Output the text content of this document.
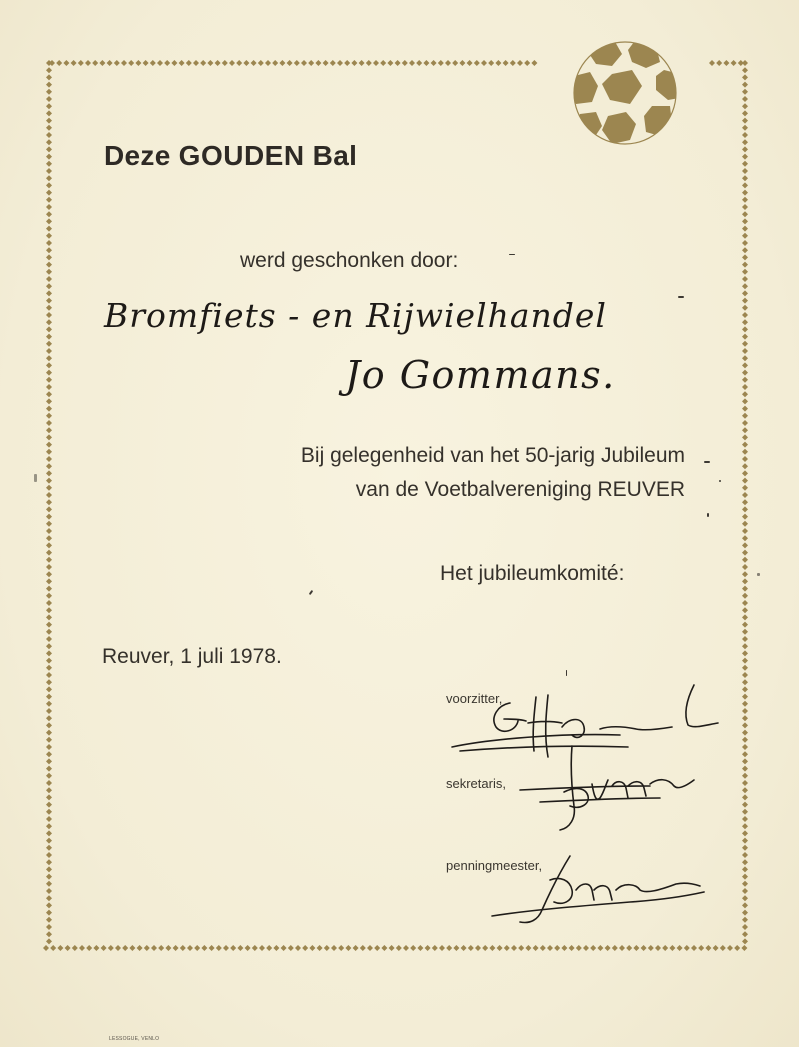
Deze GOUDEN Bal
werd geschonken door:
Bromfiets - en Rijwielhandel
Jo Gommans.
Bij gelegenheid van het 50-jarig Jubileum
van de Voetbalvereniging REUVER
Het jubileumkomité:
Reuver, 1 juli 1978.
voorzitter,
sekretaris,
penningmeester,
LESSOGUE, VENLO
